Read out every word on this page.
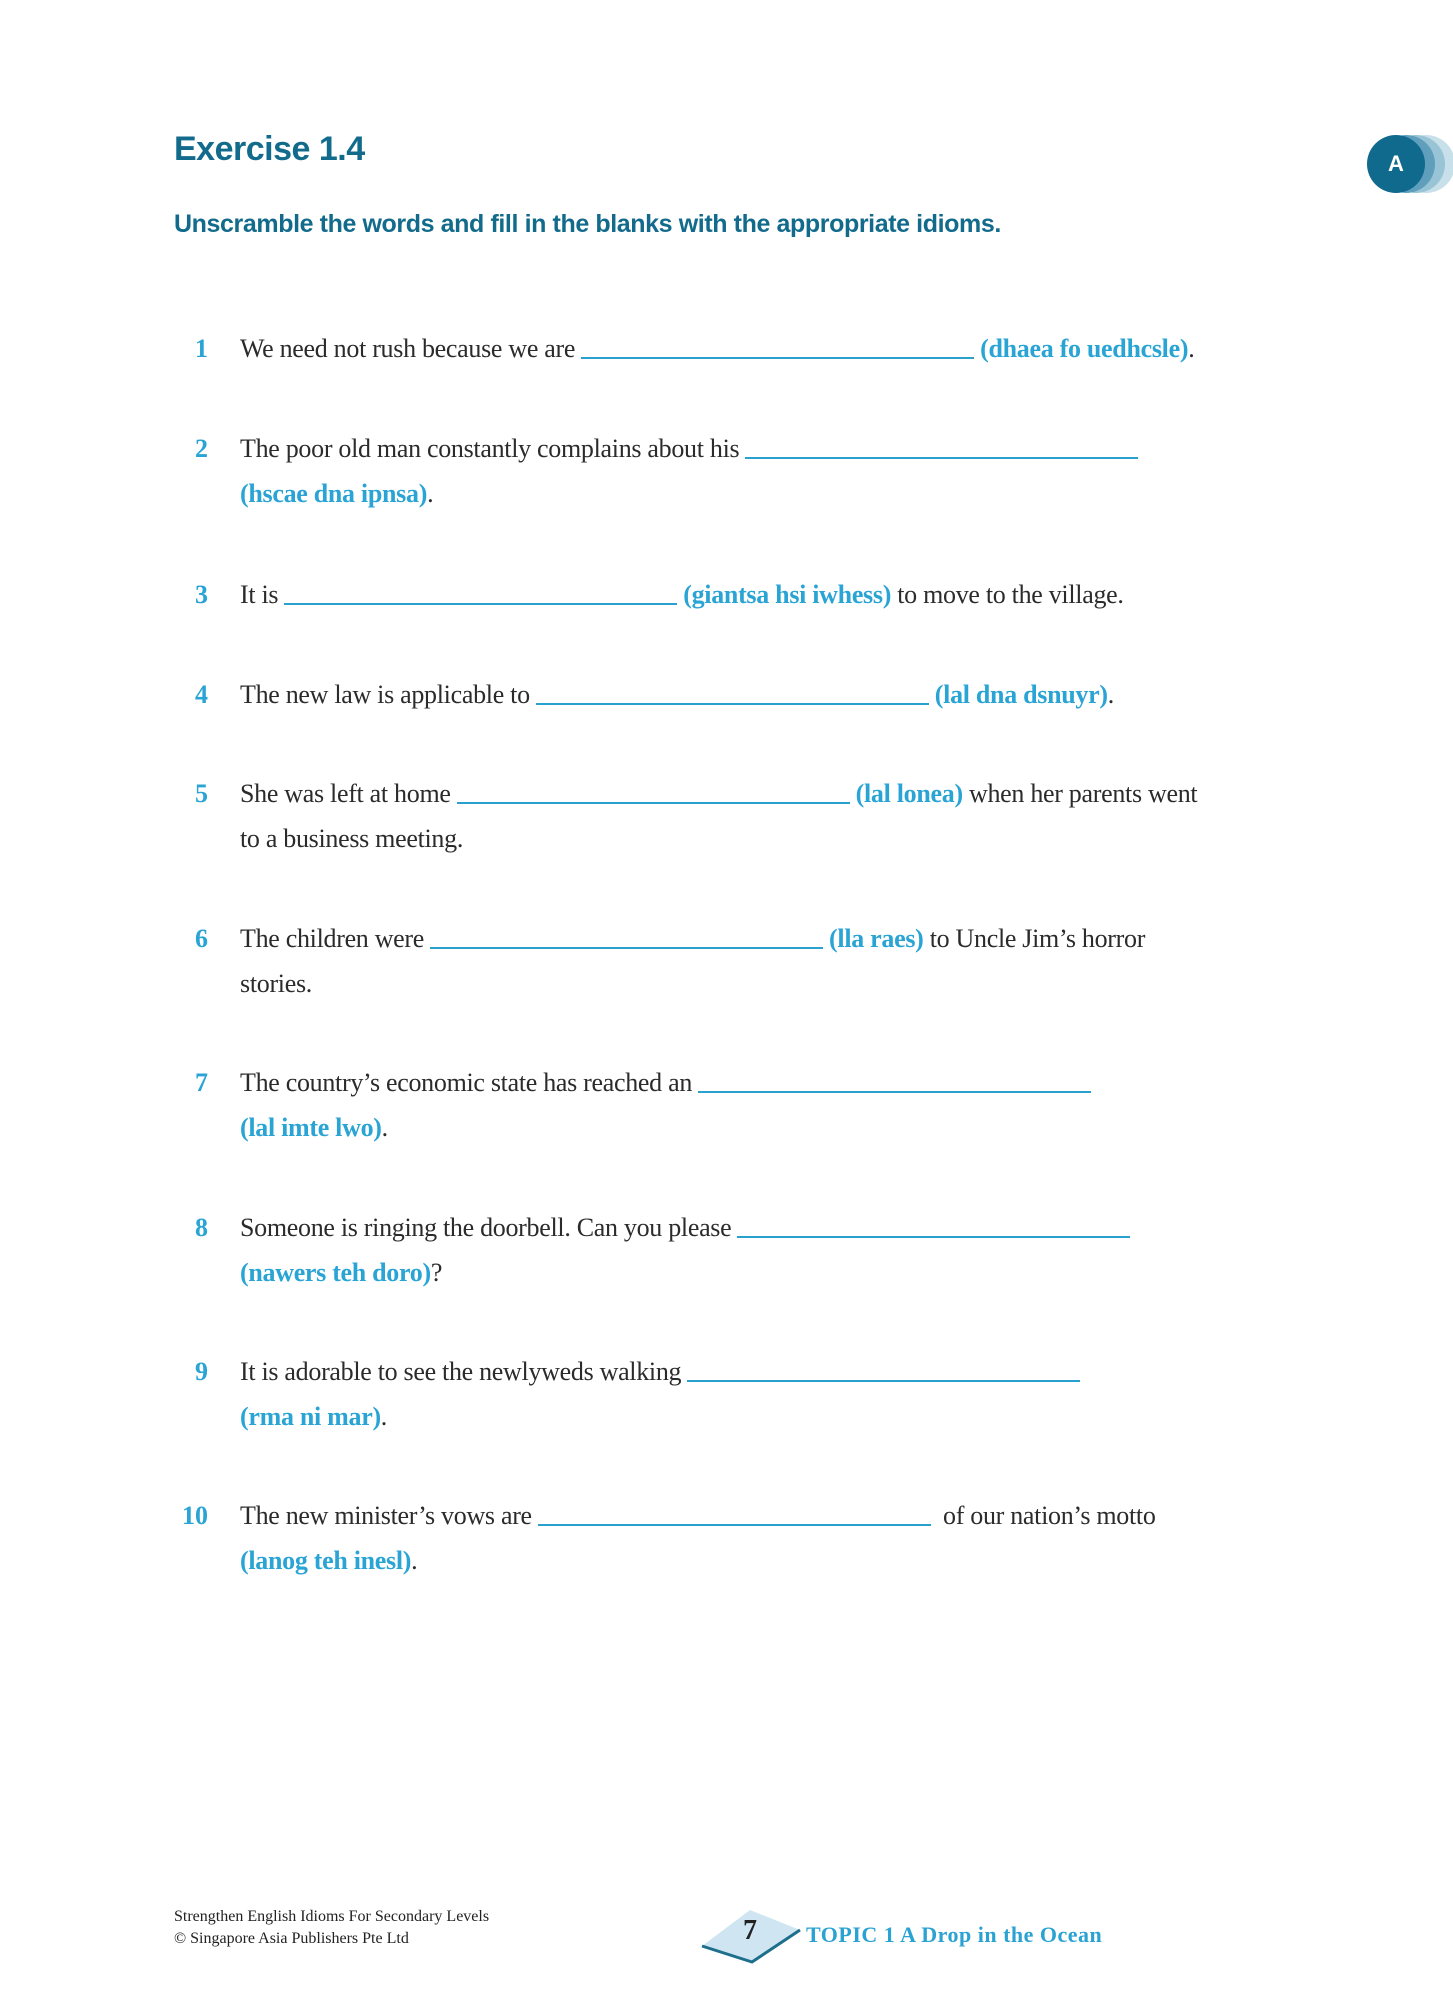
Exercise 1.4

Unscramble the words and fill in the blanks with the appropriate idioms.

A
1 We need not rush because we are	(dhaea fo uedhcsle).
2 The poor old man constantly complains about his
(hscae dna ipnsa).
3 It is	(giantsa hsi iwhess) to move to the village.
4 The new law is applicable to	(lal dna dsnuyr).
5 She was left at home	(lal lonea) when her parents went
to a business meeting.
6 The children were	(lla raes) to Uncle Jim’s horror
stories.
7 The country’s economic state has reached an
(lal imte lwo).
8 Someone is ringing the doorbell. Can you please
(nawers teh doro)?
9 It is adorable to see the newlyweds walking
(rma ni mar).
10 The new minister’s vows are	of our nation’s motto
(lanog teh inesl).
Strengthen English Idioms For Secondary Levels
© Singapore Asia Publishers Pte Ltd	7	TOPIC 1 A Drop in the Ocean
